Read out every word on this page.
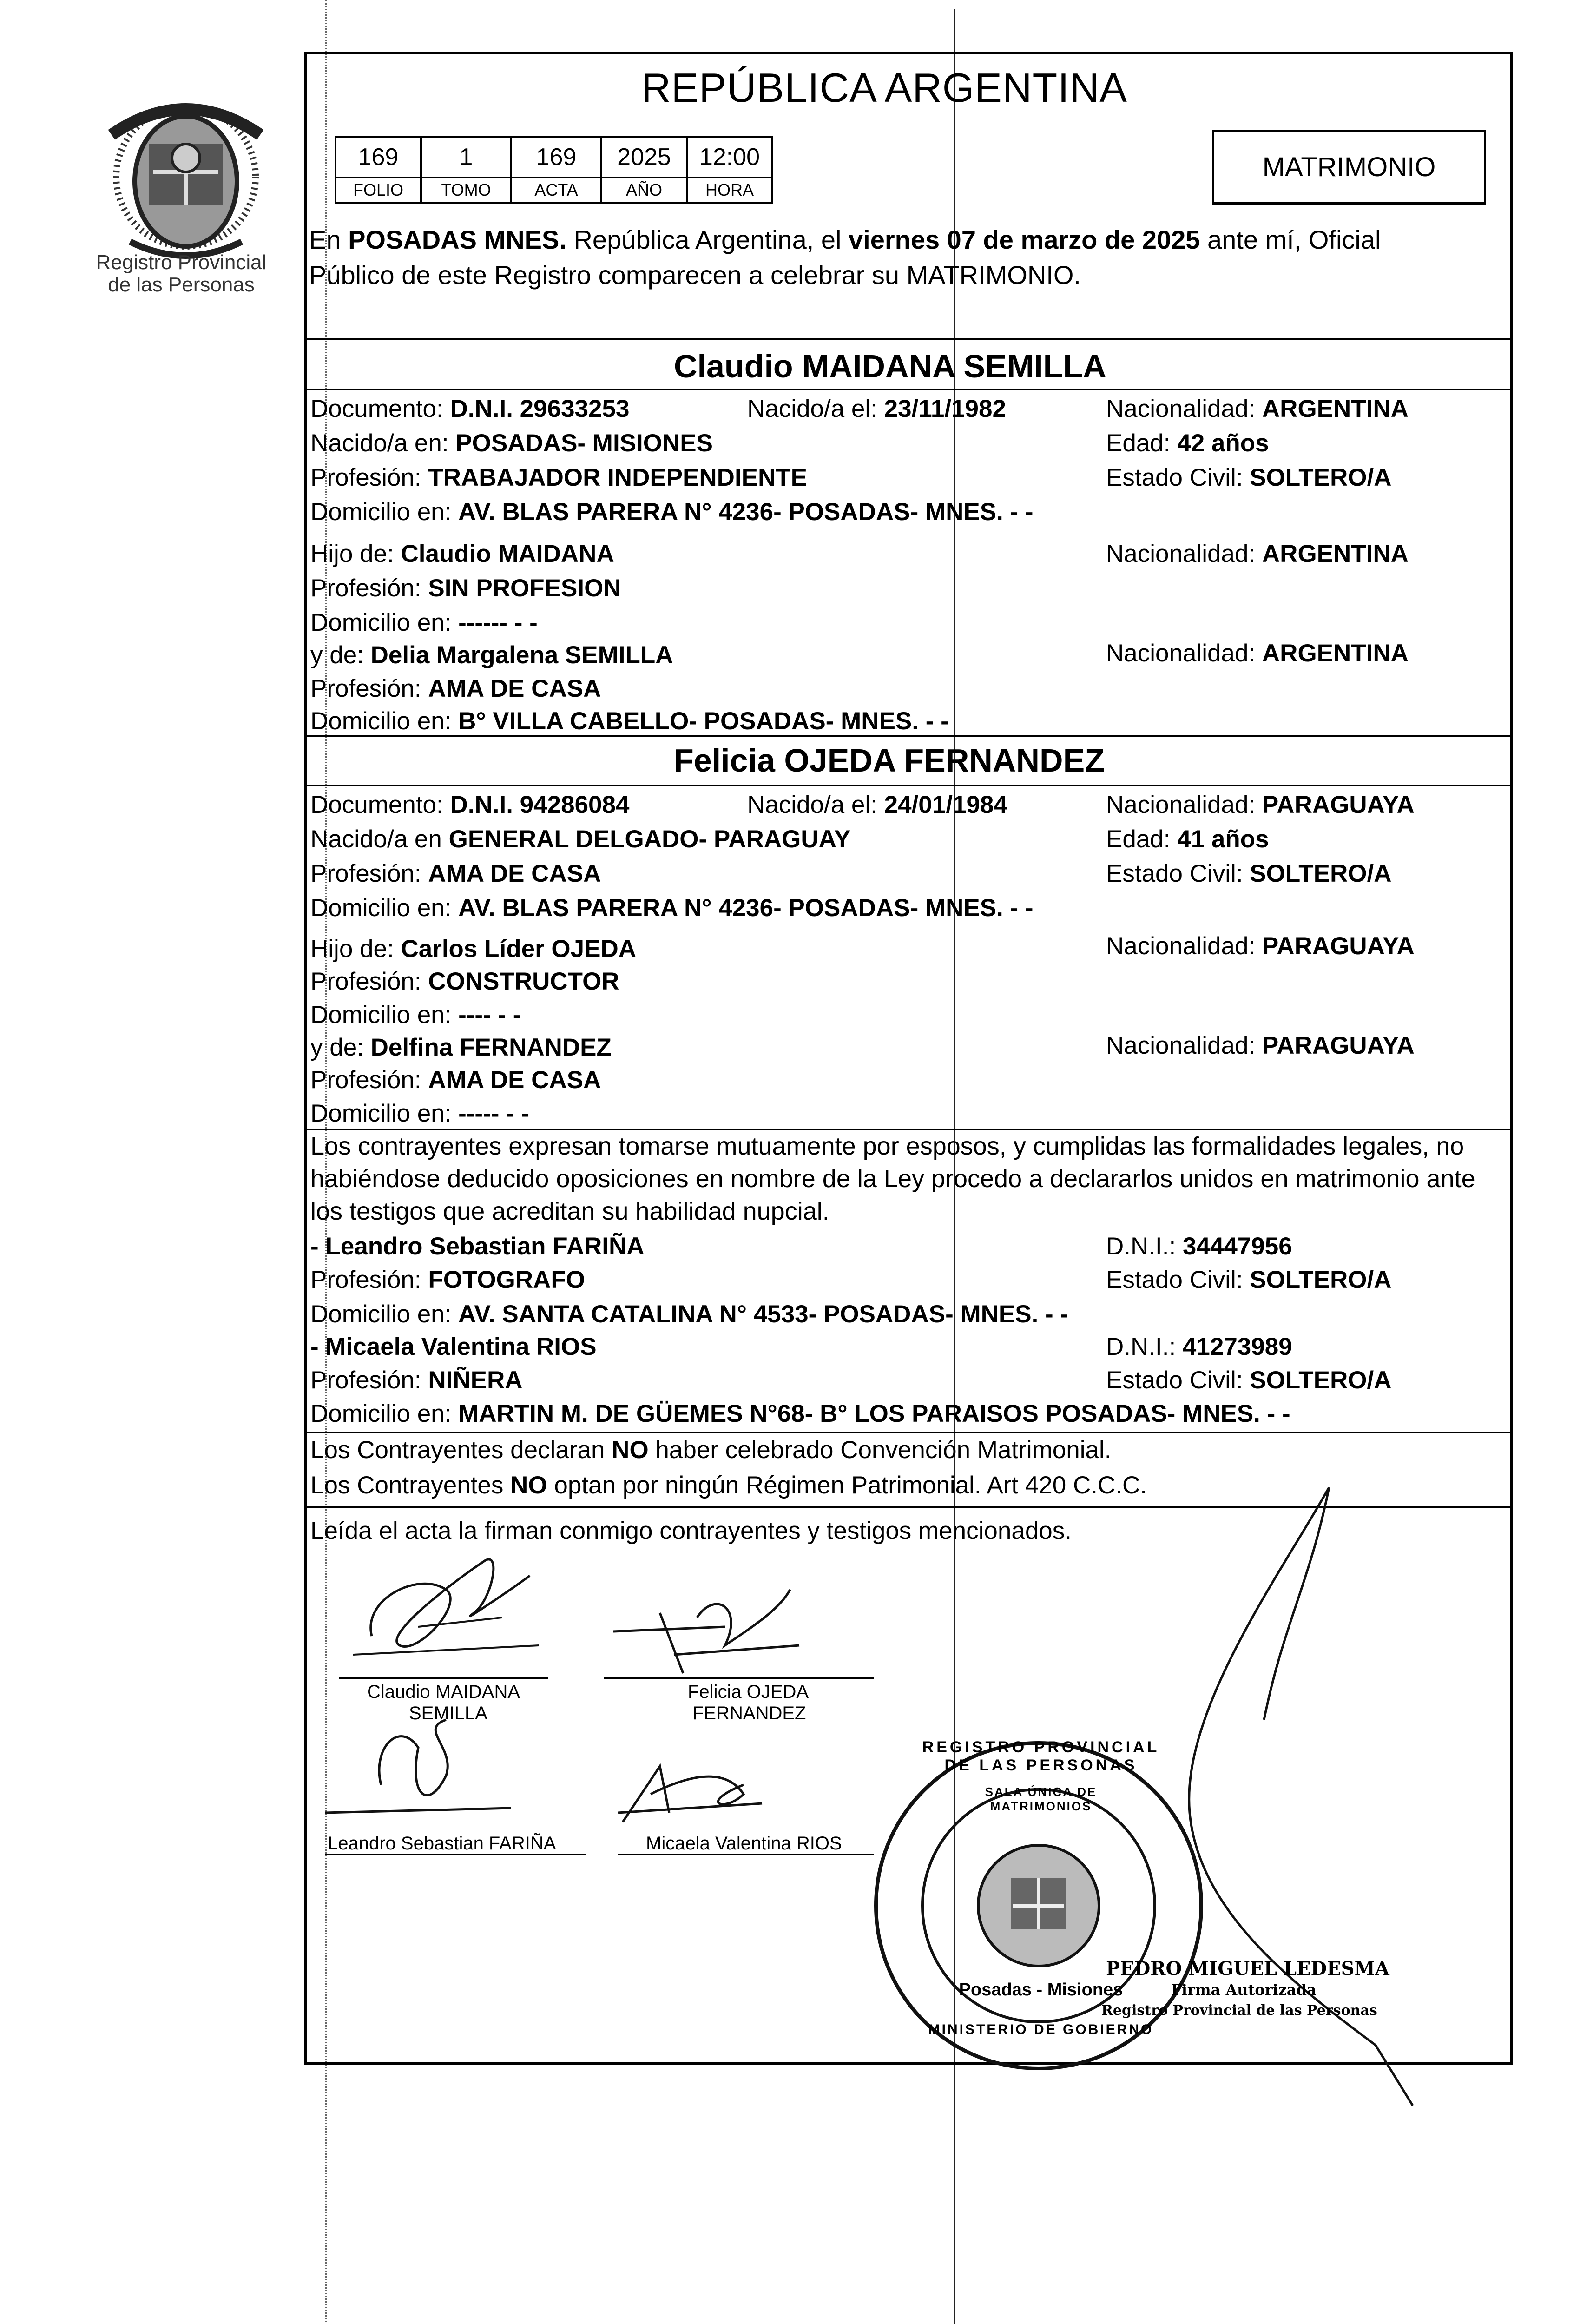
Registro Provincial
de las Personas
REPÚBLICA ARGENTINA
169	1	169	2025	12:00
FOLIO	TOMO	ACTA	AÑO	HORA
MATRIMONIO
En POSADAS MNES. República Argentina, el viernes 07 de marzo de 2025 ante mí, Oficial
Público de este Registro comparecen a celebrar su MATRIMONIO.
Claudio MAIDANA SEMILLA
Documento: D.N.I. 29633253	Nacido/a el: 23/11/1982	Nacionalidad: ARGENTINA
Nacido/a en: POSADAS- MISIONES	Edad: 42 años
Profesión: TRABAJADOR INDEPENDIENTE	Estado Civil: SOLTERO/A
Domicilio en: AV. BLAS PARERA N° 4236- POSADAS- MNES. - -
Hijo de: Claudio MAIDANA	Nacionalidad: ARGENTINA
Profesión: SIN PROFESION
Domicilio en: ------ - -
y de: Delia Margalena SEMILLA	Nacionalidad: ARGENTINA
Profesión: AMA DE CASA
Domicilio en: B° VILLA CABELLO- POSADAS- MNES. - -
Felicia OJEDA FERNANDEZ
Documento: D.N.I. 94286084	Nacido/a el: 24/01/1984	Nacionalidad: PARAGUAYA
Nacido/a en GENERAL DELGADO- PARAGUAY	Edad: 41 años
Profesión: AMA DE CASA	Estado Civil: SOLTERO/A
Domicilio en: AV. BLAS PARERA N° 4236- POSADAS- MNES. - -
Hijo de: Carlos Líder OJEDA	Nacionalidad: PARAGUAYA
Profesión: CONSTRUCTOR
Domicilio en: ---- - -
y de: Delfina FERNANDEZ	Nacionalidad: PARAGUAYA
Profesión: AMA DE CASA
Domicilio en: ----- - -
Los contrayentes expresan tomarse mutuamente por esposos, y cumplidas las formalidades legales, no
habiéndose deducido oposiciones en nombre de la Ley procedo a declararlos unidos en matrimonio ante
los testigos que acreditan su habilidad nupcial.
- Leandro Sebastian FARIÑA	D.N.I.: 34447956
Profesión: FOTOGRAFO	Estado Civil: SOLTERO/A
Domicilio en: AV. SANTA CATALINA N° 4533- POSADAS- MNES. - -
- Micaela Valentina RIOS	D.N.I.: 41273989
Profesión: NIÑERA	Estado Civil: SOLTERO/A
Domicilio en: MARTIN M. DE GÜEMES N°68- B° LOS PARAISOS POSADAS- MNES. - -
Los Contrayentes declaran NO haber celebrado Convención Matrimonial.
Los Contrayentes NO optan por ningún Régimen Patrimonial. Art 420 C.C.C.
Leída el acta la firman conmigo contrayentes y testigos mencionados.
Claudio MAIDANA
SEMILLA
Felicia OJEDA
FERNANDEZ
Leandro Sebastian FARIÑA	Micaela Valentina RIOS
REGISTRO PROVINCIAL DE LAS PERSONAS
SALA ÚNICA DE MATRIMONIOS
Posadas - Misiones
MINISTERIO DE GOBIERNO
PEDRO MIGUEL LEDESMA
Firma Autorizada
Registro Provincial de las Personas
